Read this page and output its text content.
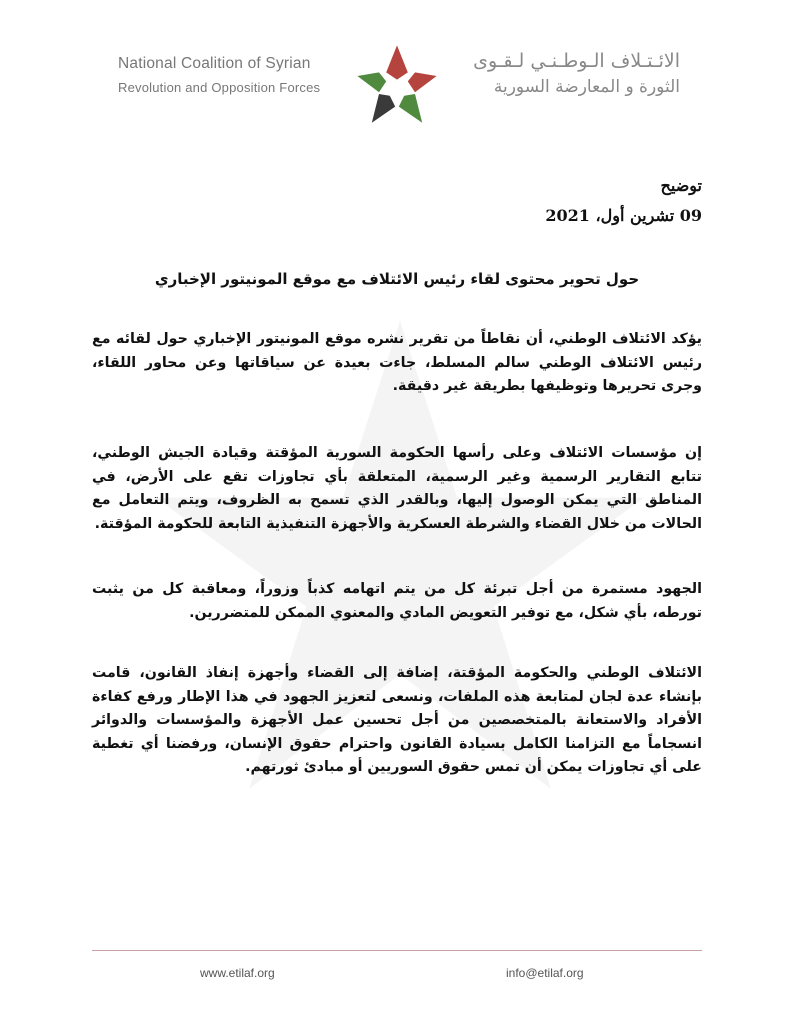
National Coalition of Syrian
Revolution and Opposition Forces
الائـتـلاف الـوطـنـي لـقـوى
الثورة و المعارضة السورية
توضيح
09 تشرين أول، 2021
حول تحوير محتوى لقاء رئيس الائتلاف مع موقع المونيتور الإخباري

يؤكد الائتلاف الوطني، أن نقاطاً من تقرير نشره موقع المونيتور الإخباري حول لقائه مع رئيس الائتلاف الوطني سالم المسلط، جاءت بعيدة عن سياقاتها وعن محاور اللقاء، وجرى تحريرها وتوظيفها بطريقة غير دقيقة.

إن مؤسسات الائتلاف وعلى رأسها الحكومة السورية المؤقتة وقيادة الجيش الوطني، تتابع التقارير الرسمية وغير الرسمية، المتعلقة بأي تجاوزات تقع على الأرض، في المناطق التي يمكن الوصول إليها، وبالقدر الذي تسمح به الظروف، ويتم التعامل مع الحالات من خلال القضاء والشرطة العسكرية والأجهزة التنفيذية التابعة للحكومة المؤقتة.

الجهود مستمرة من أجل تبرئة كل من يتم اتهامه كذباً وزوراً، ومعاقبة كل من يثبت تورطه، بأي شكل، مع توفير التعويض المادي والمعنوي الممكن للمتضررين.

الائتلاف الوطني والحكومة المؤقتة، إضافة إلى القضاء وأجهزة إنفاذ القانون، قامت بإنشاء عدة لجان لمتابعة هذه الملفات، ونسعى لتعزيز الجهود في هذا الإطار ورفع كفاءة الأفراد والاستعانة بالمتخصصين من أجل تحسين عمل الأجهزة والمؤسسات والدوائر انسجاماً مع التزامنا الكامل بسيادة القانون واحترام حقوق الإنسان، ورفضنا أي تغطية على أي تجاوزات يمكن أن تمس حقوق السوريين أو مبادئ ثورتهم.

www.etilaf.org	info@etilaf.org
